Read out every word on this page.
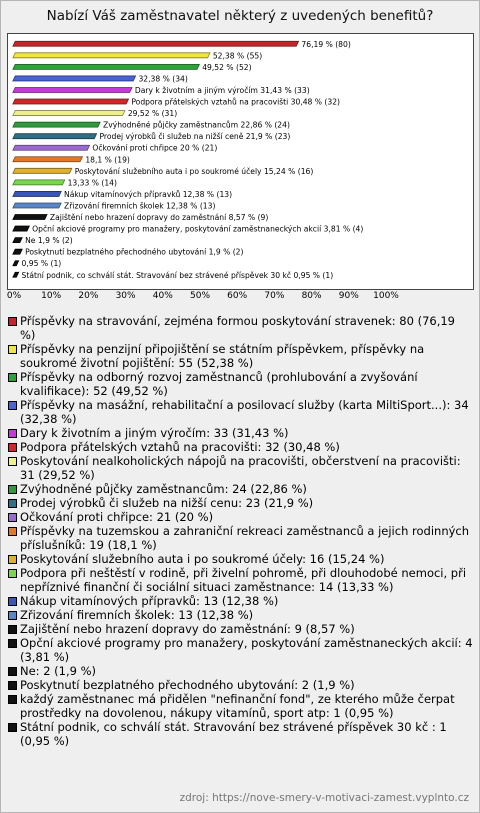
Nabízí Váš zaměstnavatel některý z uvedených benefitů?
76,19 % (80)
52,38 % (55)
49,52 % (52)
32,38 % (34)
Dary k životním a jiným výročím 31,43 % (33)
Podpora přátelských vztahů na pracovišti 30,48 % (32)
29,52 % (31)
Zvýhodněné půjčky zaměstnancům 22,86 % (24)
Prodej výrobků či služeb na nižší ceně 21,9 % (23)
Očkování proti chřipce 20 % (21)
18,1 % (19)
Poskytování služebního auta i po soukromé účely 15,24 % (16)
13,33 % (14)
Nákup vitamínových přípravků 12,38 % (13)
Zřizování firemních školek 12,38 % (13)
Zajištění nebo hrazení dopravy do zaměstnání 8,57 % (9)
Opční akciové programy pro manažery, poskytování zaměstnaneckých akcií 3,81 % (4)
Ne 1,9 % (2)
Poskytnutí bezplatného přechodného ubytování 1,9 % (2)
0,95 % (1)
Státní podnik, co schválí stát. Stravování bez strávené příspěvek 30 kč 0,95 % (1)
0% 10% 20% 30% 40% 50% 60% 70% 80% 90% 100%
Příspěvky na stravování, zejména formou poskytování stravenek: 80 (76,19 %)
Příspěvky na penzijní připojištění se státním příspěvkem, příspěvky na soukromé životní pojištění: 55 (52,38 %)
Příspěvky na odborný rozvoj zaměstnanců (prohlubování a zvyšování kvalifikace): 52 (49,52 %)
Příspěvky na masážní, rehabilitační a posilovací služby (karta MiltiSport...): 34 (32,38 %)
Dary k životním a jiným výročím: 33 (31,43 %)
Podpora přátelských vztahů na pracovišti: 32 (30,48 %)
Poskytování nealkoholických nápojů na pracovišti, občerstvení na pracovišti: 31 (29,52 %)
Zvýhodněné půjčky zaměstnancům: 24 (22,86 %)
Prodej výrobků či služeb na nižší cenu: 23 (21,9 %)
Očkování proti chřipce: 21 (20 %)
Příspěvky na tuzemskou a zahraniční rekreaci zaměstnanců a jejich rodinných příslušníků: 19 (18,1 %)
Poskytování služebního auta i po soukromé účely: 16 (15,24 %)
Podpora při neštěstí v rodině, při živelní pohromě, při dlouhodobé nemoci, při nepříznivé finanční či sociální situaci zaměstnance: 14 (13,33 %)
Nákup vitamínových přípravků: 13 (12,38 %)
Zřizování firemních školek: 13 (12,38 %)
Zajištění nebo hrazení dopravy do zaměstnání: 9 (8,57 %)
Opční akciové programy pro manažery, poskytování zaměstnaneckých akcií: 4 (3,81 %)
Ne: 2 (1,9 %)
Poskytnutí bezplatného přechodného ubytování: 2 (1,9 %)
každý zaměstnanec má přidělen "nefinanční fond", ze kterého může čerpat prostředky na dovolenou, nákupy vitamínů, sport atp: 1 (0,95 %)
Státní podnik, co schválí stát. Stravování bez strávené příspěvek 30 kč : 1 (0,95 %)
zdroj: https://nove-smery-v-motivaci-zamest.vyplnto.cz
